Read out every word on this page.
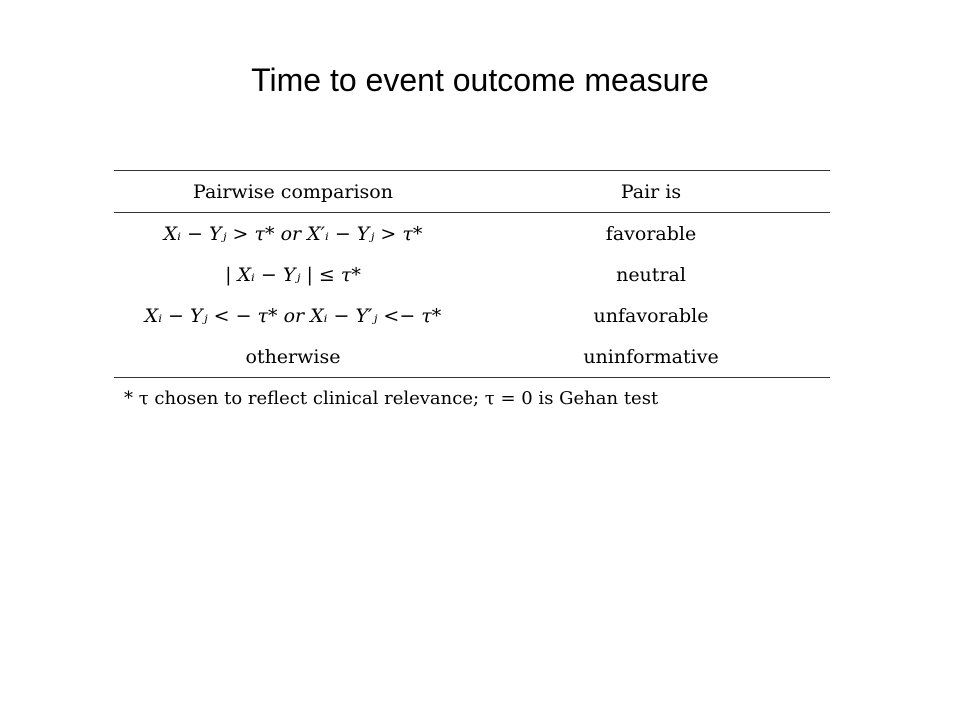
Time to event outcome measure
Pairwise comparison	Pair is
Xᵢ − Yⱼ > τ* or X′ᵢ − Yⱼ > τ*	favorable
| Xᵢ − Yⱼ | ≤ τ*	neutral
Xᵢ − Yⱼ < − τ* or Xᵢ − Y′ⱼ <− τ*	unfavorable
otherwise	uninformative
* τ chosen to reflect clinical relevance; τ = 0 is Gehan test
